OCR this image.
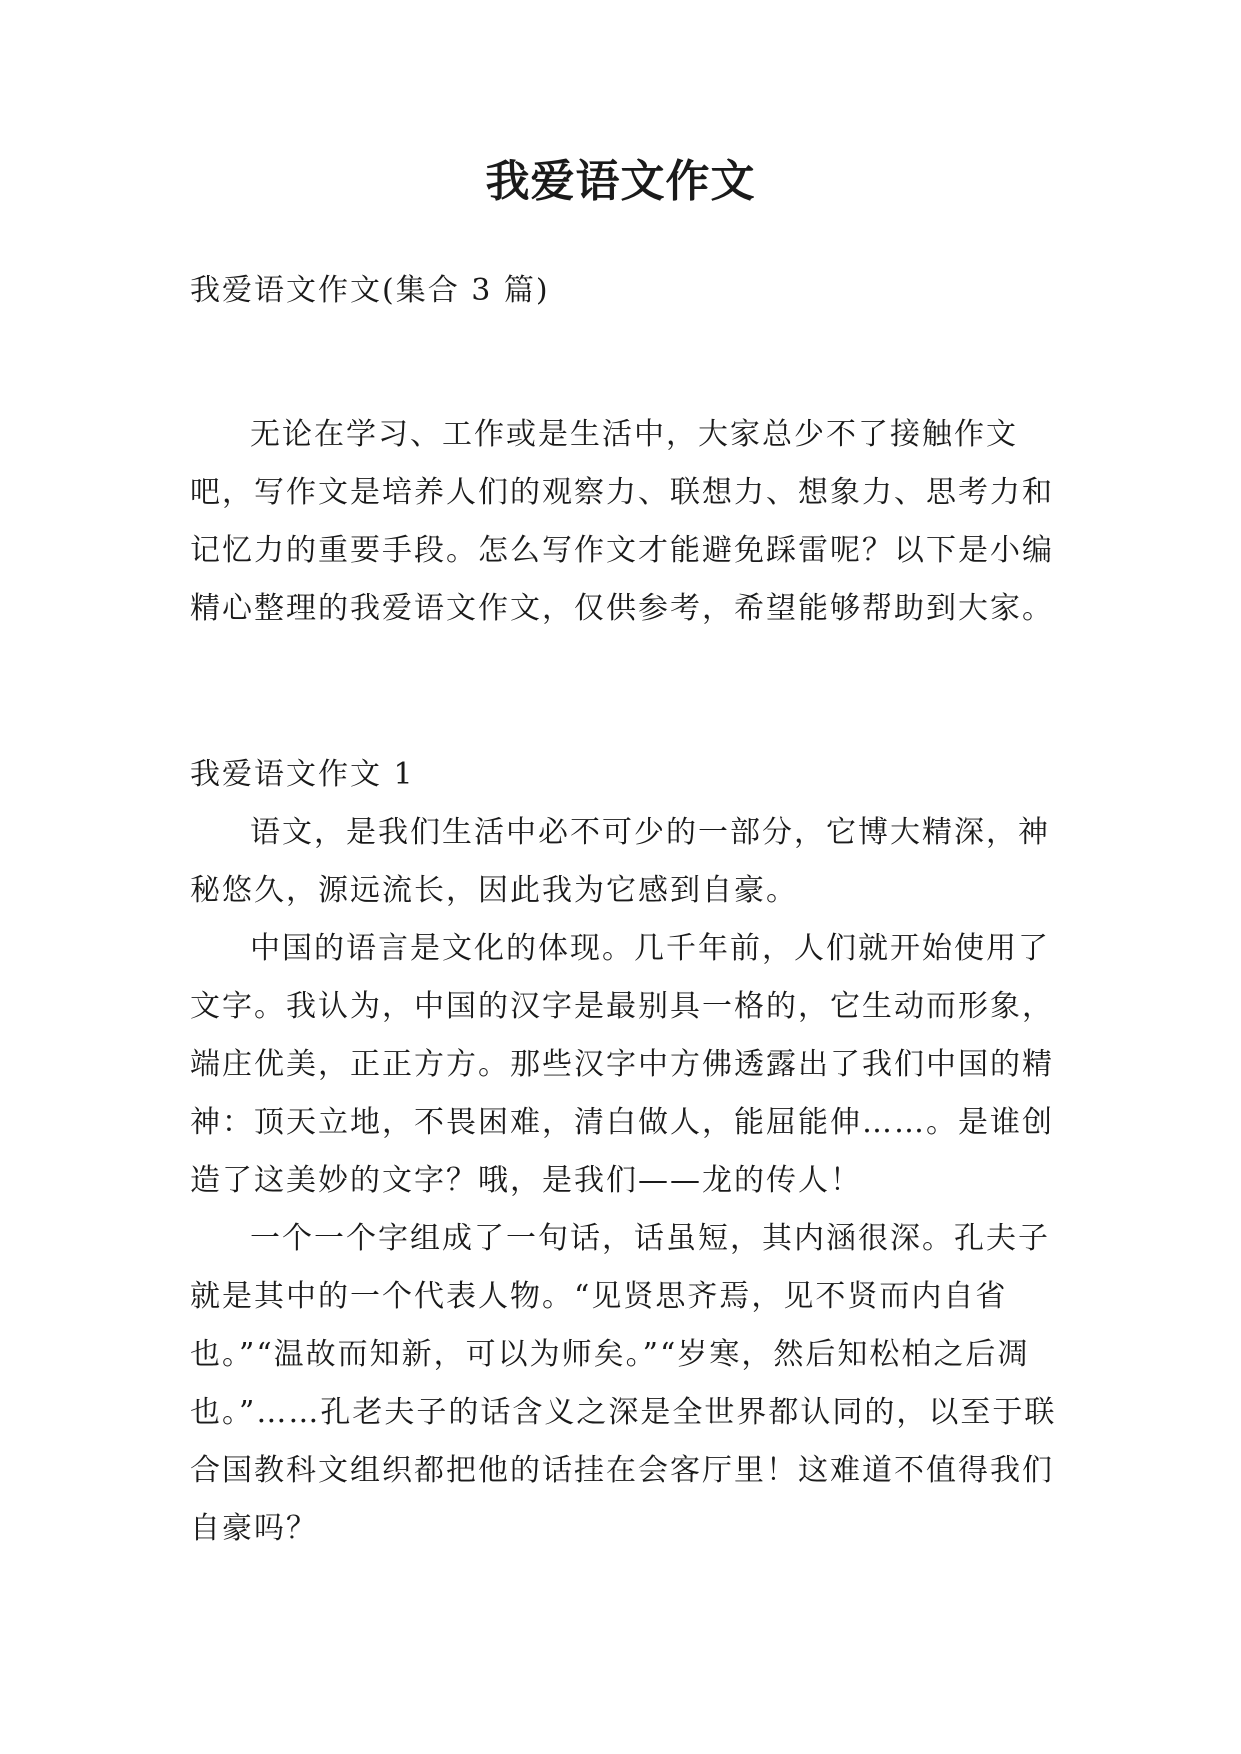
我爱语文作文

我爱语文作文(集合 3 篇)

无论在学习、工作或是生活中，大家总少不了接触作文吧，写作文是培养人们的观察力、联想力、想象力、思考力和记忆力的重要手段。怎么写作文才能避免踩雷呢？以下是小编精心整理的我爱语文作文，仅供参考，希望能够帮助到大家。

我爱语文作文 1

语文，是我们生活中必不可少的一部分，它博大精深，神秘悠久，源远流长，因此我为它感到自豪。

中国的语言是文化的体现。几千年前，人们就开始使用了文字。我认为，中国的汉字是最别具一格的，它生动而形象，端庄优美，正正方方。那些汉字中方佛透露出了我们中国的精神：顶天立地，不畏困难，清白做人，能屈能伸……。是谁创造了这美妙的文字？哦，是我们——龙的传人！

一个一个字组成了一句话，话虽短，其内涵很深。孔夫子就是其中的一个代表人物。“见贤思齐焉，见不贤而内自省也。”“温故而知新，可以为师矣。”“岁寒，然后知松柏之后凋也。”……孔老夫子的话含义之深是全世界都认同的，以至于联合国教科文组织都把他的话挂在会客厅里！这难道不值得我们自豪吗？
